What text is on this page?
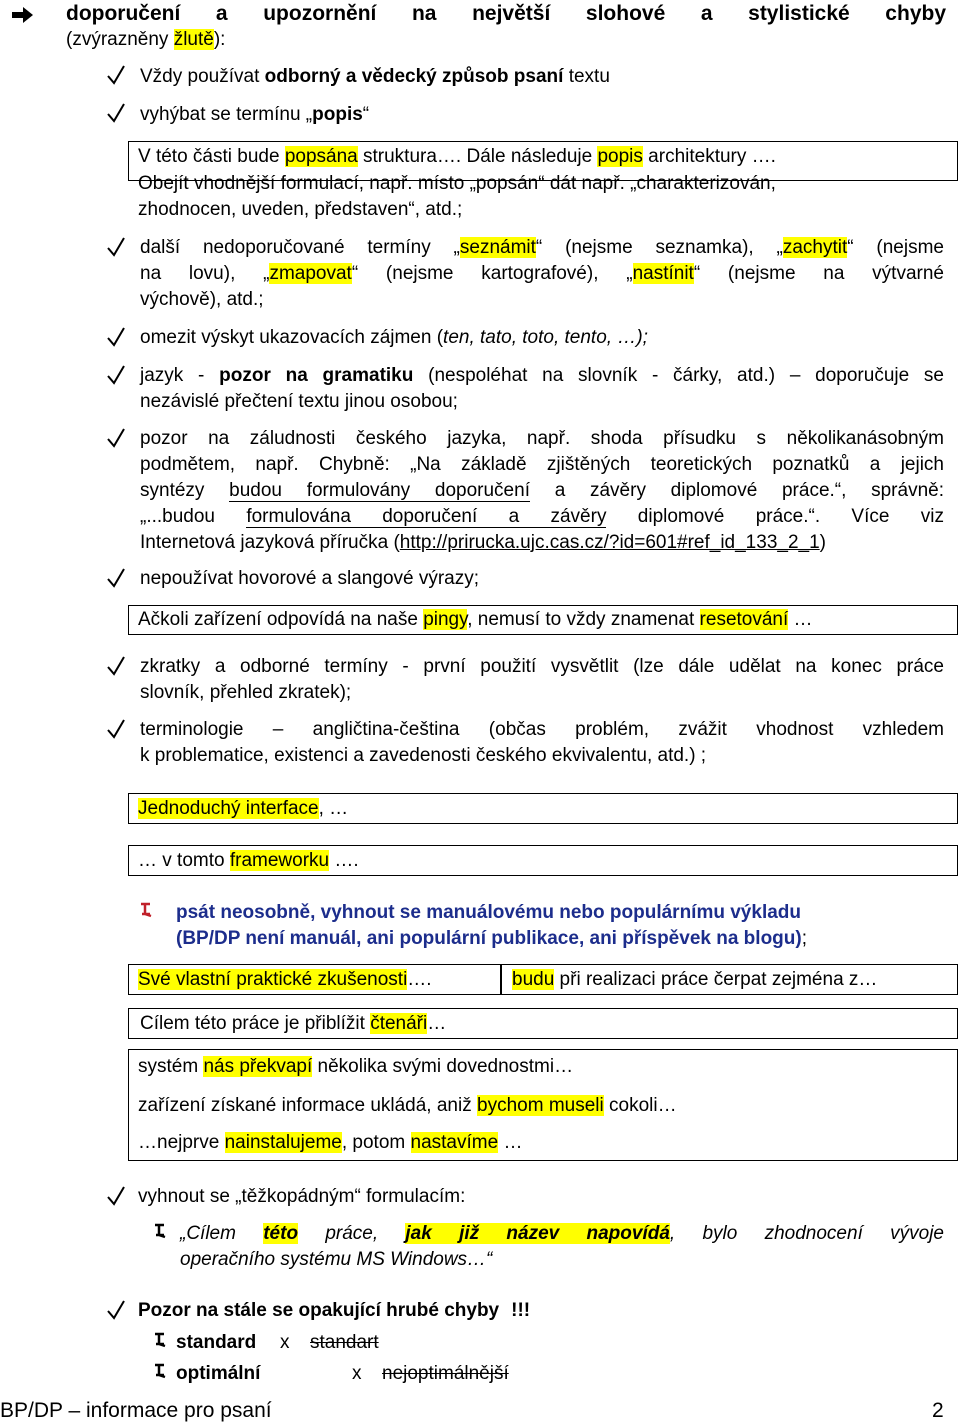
doporučení a upozornění na největší slohové a stylistické chyby
(zvýrazněny žlutě):
Vždy používat odborný a vědecký způsob psaní textu
vyhýbat se termínu „popis“
V této části bude popsána struktura…. Dále následuje popis architektury ….
Obejít vhodnější formulací, např. místo „popsán“ dát např. „charakterizován,
zhodnocen, uveden, představen“, atd.;
další nedoporučované termíny „seznámit“ (nejsme seznamka), „zachytit“ (nejsme
na lovu), „zmapovat“ (nejsme kartografové), „nastínit“ (nejsme na výtvarné
výchově), atd.;
omezit výskyt ukazovacích zájmen (ten, tato, toto, tento, …);
jazyk - pozor na gramatiku (nespoléhat na slovník - čárky, atd.) – doporučuje se
nezávislé přečtení textu jinou osobou;
pozor na záludnosti českého jazyka, např. shoda přísudku s několikanásobným
podmětem, např. Chybně: „Na základě zjištěných teoretických poznatků a jejich
syntézy budou formulovány doporučení a závěry diplomové práce.“, správně:
„...budou formulována doporučení a závěry diplomové práce.“. Více viz
Internetová jazyková příručka (http://prirucka.ujc.cas.cz/?id=601#ref_id_133_2_1)
nepoužívat hovorové a slangové výrazy;
Ačkoli zařízení odpovídá na naše pingy, nemusí to vždy znamenat resetování …
zkratky a odborné termíny - první použití vysvětlit (lze dále udělat na konec práce
slovník, přehled zkratek);
terminologie – angličtina-čeština (občas problém, zvážit vhodnost vzhledem
k problematice, existenci a zavedenosti českého ekvivalentu, atd.) ;
Jednoduchý interface, …
… v tomto frameworku ….
psát neosobně, vyhnout se manuálovému nebo populárnímu výkladu
(BP/DP není manuál, ani populární publikace, ani příspěvek na blogu);
Své vlastní praktické zkušenosti….	budu při realizaci práce čerpat zejména z…
Cílem této práce je přiblížit čtenáři…
systém nás překvapí několika svými dovednostmi…
zařízení získané informace ukládá, aniž bychom museli cokoli…
…nejprve nainstalujeme, potom nastavíme …
vyhnout se „těžkopádným“ formulacím:
„Cílem této práce, jak již název napovídá, bylo zhodnocení vývoje
operačního systému MS Windows…“
Pozor na stále se opakující hrubé chyby !!!
standard x standart
optimální	x nejoptimálnější
BP/DP – informace pro psaní	2
